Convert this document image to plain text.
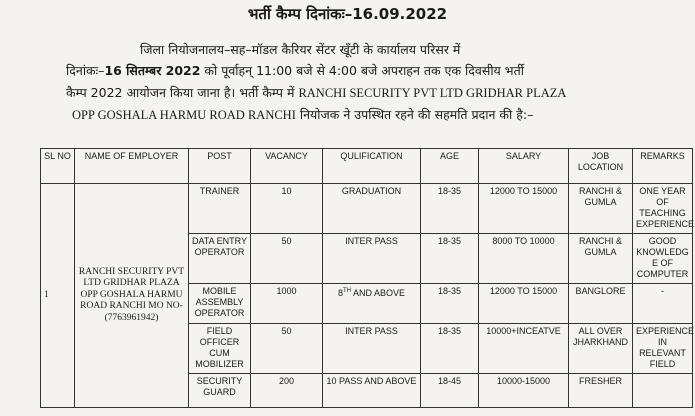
भर्ती कैम्प दिनांकः–16.09.2022
जिला नियोजनालय–सह–मॉडल कैरियर सेंटर खूँटी के कार्यालय परिसर में
दिनांकः–16 सितम्बर 2022 को पूर्वाहन् 11:00 बजे से 4:00 बजे अपराहन तक एक दिवसीय भर्ती
कैम्प 2022 आयोजन किया जाना है। भर्ती कैम्प में RANCHI SECURITY PVT LTD GRIDHAR PLAZA
OPP GOSHALA HARMU ROAD RANCHI नियोजक ने उपस्थित रहने की सहमति प्रदान की है:–
SL NO	NAME OF EMPLOYER	POST	VACANCY	QULIFICATION	AGE	SALARY	JOB LOCATION	REMARKS
1	RANCHI SECURITY PVT LTD GRIDHAR PLAZA OPP GOSHALA HARMU ROAD RANCHI MO NO-(7763961942)	TRAINER	10	GRADUATION	18-35	12000 TO 15000	RANCHI & GUMLA	ONE YEAR OF TEACHING EXPERIENCE
		DATA ENTRY OPERATOR	50	INTER PASS	18-35	8000 TO 10000	RANCHI & GUMLA	GOOD KNOWLEDG E OF COMPUTER
		MOBILE ASSEMBLY OPERATOR	1000	8TH AND ABOVE	18-35	12000 TO 15000	BANGLORE	-
		FIELD OFFICER CUM MOBILIZER	50	INTER PASS	18-35	10000+INCEATVE	ALL OVER JHARKHAND	EXPERIENCE IN RELEVANT FIELD
		SECURITY GUARD	200	10 PASS AND ABOVE	18-45	10000-15000	FRESHER	
